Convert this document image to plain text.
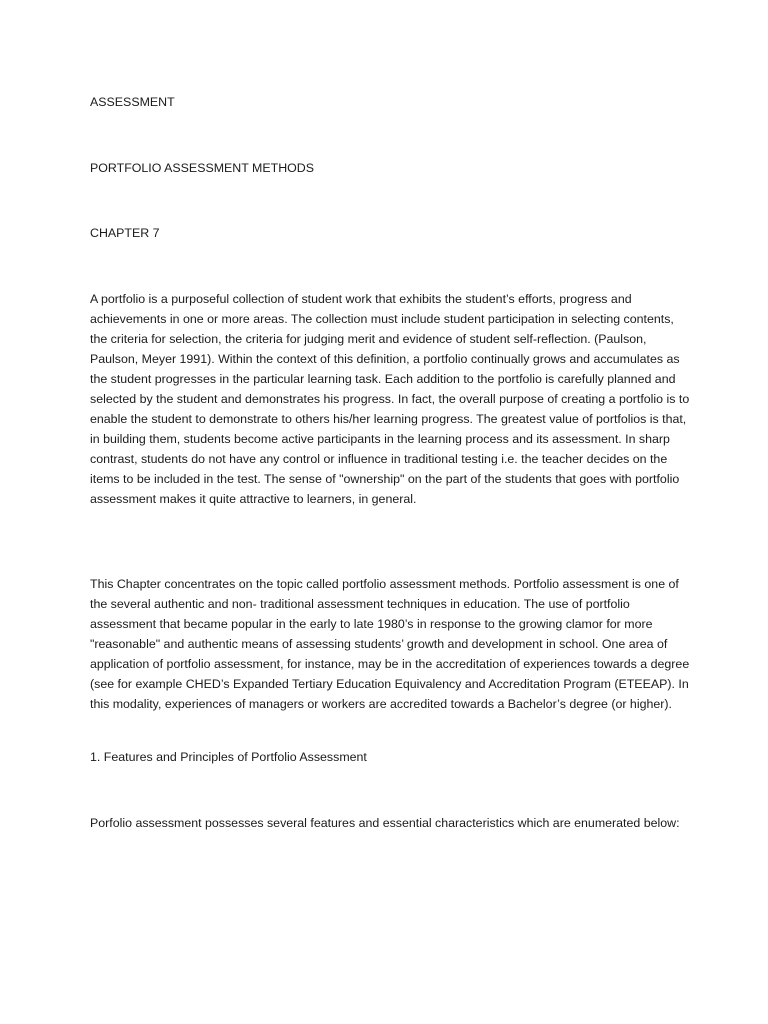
ASSESSMENT
PORTFOLIO ASSESSMENT METHODS
CHAPTER 7

A portfolio is a purposeful collection of student work that exhibits the student’s efforts, progress and achievements in one or more areas. The collection must include student participation in selecting contents, the criteria for selection, the criteria for judging merit and evidence of student self-reflection. (Paulson, Paulson, Meyer 1991). Within the context of this definition, a portfolio continually grows and accumulates as the student progresses in the particular learning task. Each addition to the portfolio is carefully planned and selected by the student and demonstrates his progress. In fact, the overall purpose of creating a portfolio is to enable the student to demonstrate to others his/her learning progress. The greatest value of portfolios is that, in building them, students become active participants in the learning process and its assessment. In sharp contrast, students do not have any control or influence in traditional testing i.e. the teacher decides on the items to be included in the test. The sense of "ownership" on the part of the students that goes with portfolio assessment makes it quite attractive to learners, in general.

This Chapter concentrates on the topic called portfolio assessment methods. Portfolio assessment is one of the several authentic and non- traditional assessment techniques in education. The use of portfolio assessment that became popular in the early to late 1980’s in response to the growing clamor for more "reasonable" and authentic means of assessing students’ growth and development in school. One area of application of portfolio assessment, for instance, may be in the accreditation of experiences towards a degree (see for example CHED’s Expanded Tertiary Education Equivalency and Accreditation Program (ETEEAP). In this modality, experiences of managers or workers are accredited towards a Bachelor’s degree (or higher).

1. Features and Principles of Portfolio Assessment

Porfolio assessment possesses several features and essential characteristics which are enumerated below:
